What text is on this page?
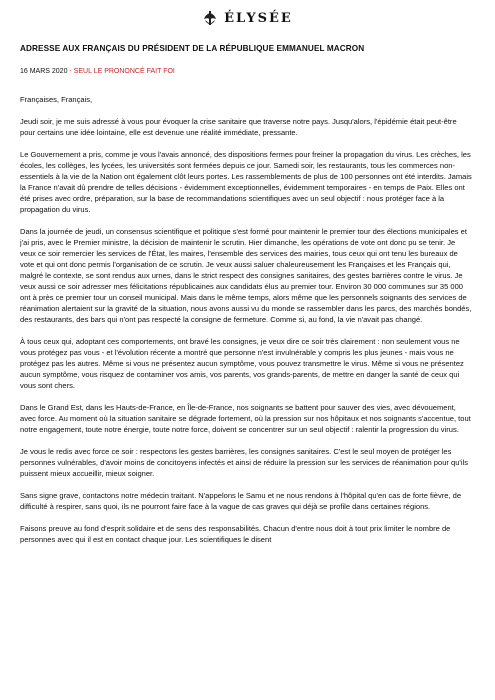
ÉLYSÉE
ADRESSE AUX FRANÇAIS DU PRÉSIDENT DE LA RÉPUBLIQUE EMMANUEL MACRON
16 MARS 2020 - SEUL LE PRONONCÉ FAIT FOI

Françaises, Français,

Jeudi soir, je me suis adressé à vous pour évoquer la crise sanitaire que traverse notre pays. Jusqu'alors, l'épidémie était peut-être pour certains une idée lointaine, elle est devenue une réalité immédiate, pressante.

Le Gouvernement a pris, comme je vous l'avais annoncé, des dispositions fermes pour freiner la propagation du virus. Les crèches, les écoles, les collèges, les lycées, les universités sont fermées depuis ce jour. Samedi soir, les restaurants, tous les commerces non-essentiels à la vie de la Nation ont également clôt leurs portes. Les rassemblements de plus de 100 personnes ont été interdits. Jamais la France n'avait dû prendre de telles décisions - évidemment exceptionnelles, évidemment temporaires - en temps de Paix. Elles ont été prises avec ordre, préparation, sur la base de recommandations scientifiques avec un seul objectif : nous protéger face à la propagation du virus.

Dans la journée de jeudi, un consensus scientifique et politique s'est formé pour maintenir le premier tour des élections municipales et j'ai pris, avec le Premier ministre, la décision de maintenir le scrutin. Hier dimanche, les opérations de vote ont donc pu se tenir. Je veux ce soir remercier les services de l'État, les maires, l'ensemble des services des mairies, tous ceux qui ont tenu les bureaux de vote et qui ont donc permis l'organisation de ce scrutin. Je veux aussi saluer chaleureusement les Françaises et les Français qui, malgré le contexte, se sont rendus aux urnes, dans le strict respect des consignes sanitaires, des gestes barrières contre le virus. Je veux aussi ce soir adresser mes félicitations républicaines aux candidats élus au premier tour. Environ 30 000 communes sur 35 000 ont à près ce premier tour un conseil municipal. Mais dans le même temps, alors même que les personnels soignants des services de réanimation alertaient sur la gravité de la situation, nous avons aussi vu du monde se rassembler dans les parcs, des marchés bondés, des restaurants, des bars qui n'ont pas respecté la consigne de fermeture. Comme si, au fond, la vie n'avait pas changé.

À tous ceux qui, adoptant ces comportements, ont bravé les consignes, je veux dire ce soir très clairement : non seulement vous ne vous protégez pas vous - et l'évolution récente a montré que personne n'est invulnérable y compris les plus jeunes - mais vous ne protégez pas les autres. Même si vous ne présentez aucun symptôme, vous pouvez transmettre le virus. Même si vous ne présentez aucun symptôme, vous risquez de contaminer vos amis, vos parents, vos grands-parents, de mettre en danger la santé de ceux qui vous sont chers.

Dans le Grand Est, dans les Hauts-de-France, en Île-de-France, nos soignants se battent pour sauver des vies, avec dévouement, avec force. Au moment où la situation sanitaire se dégrade fortement, où la pression sur nos hôpitaux et nos soignants s'accentue, tout notre engagement, toute notre énergie, toute notre force, doivent se concentrer sur un seul objectif : ralentir la progression du virus.

Je vous le redis avec force ce soir : respectons les gestes barrières, les consignes sanitaires. C'est le seul moyen de protéger les personnes vulnérables, d'avoir moins de concitoyens infectés et ainsi de réduire la pression sur les services de réanimation pour qu'ils puissent mieux accueillir, mieux soigner.

Sans signe grave, contactons notre médecin traitant. N'appelons le Samu et ne nous rendons à l'hôpital qu'en cas de forte fièvre, de difficulté à respirer, sans quoi, ils ne pourront faire face à la vague de cas graves qui déjà se profile dans certaines régions.

Faisons preuve au fond d'esprit solidaire et de sens des responsabilités. Chacun d'entre nous doit à tout prix limiter le nombre de personnes avec qui il est en contact chaque jour. Les scientifiques le disent
